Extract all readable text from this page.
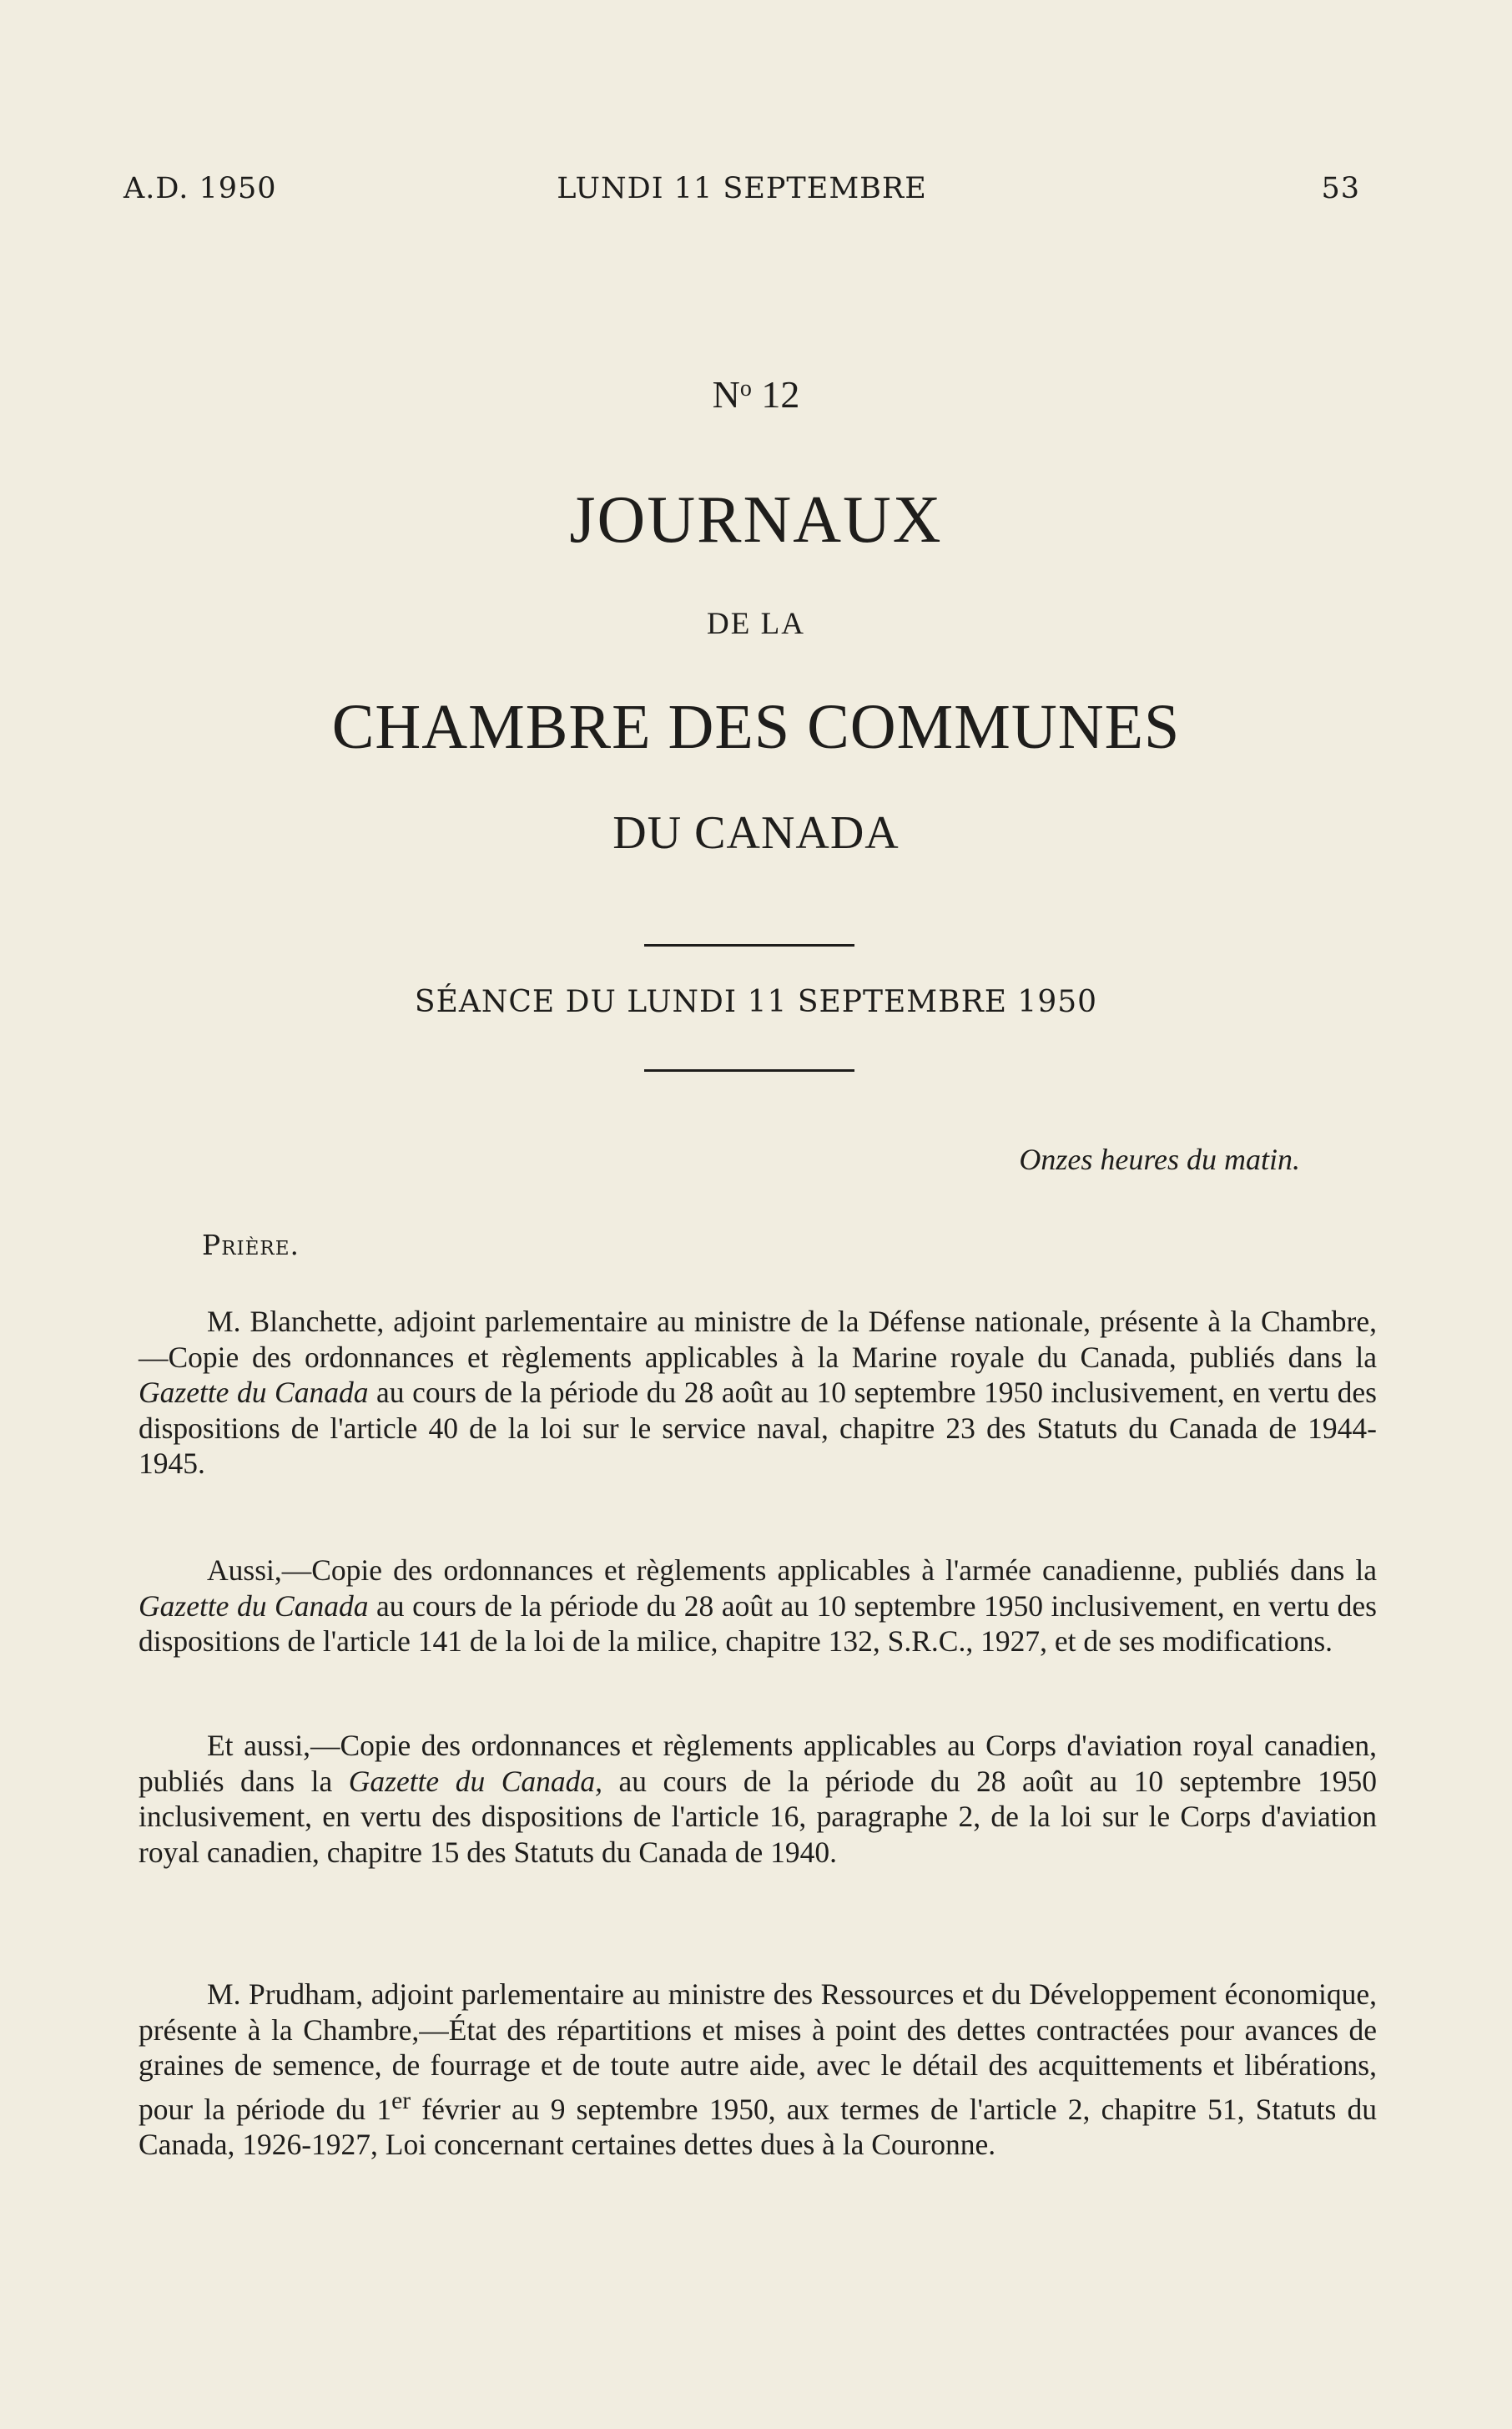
A.D. 1950	LUNDI 11 SEPTEMBRE	53
$N^o$ 12
JOURNAUX
DE LA
CHAMBRE DES COMMUNES
DU CANADA
SÉANCE DU LUNDI 11 SEPTEMBRE 1950
Onzes heures du matin.
Prière.

M. Blanchette, adjoint parlementaire au ministre de la Défense nationale, présente à la Chambre,—Copie des ordonnances et règlements applicables à la Marine royale du Canada, publiés dans la Gazette du Canada au cours de la période du 28 août au 10 septembre 1950 inclusivement, en vertu des dispositions de l'article 40 de la loi sur le service naval, chapitre 23 des Statuts du Canada de 1944-1945.

Aussi,—Copie des ordonnances et règlements applicables à l'armée canadienne, publiés dans la Gazette du Canada au cours de la période du 28 août au 10 septembre 1950 inclusivement, en vertu des dispositions de l'article 141 de la loi de la milice, chapitre 132, S.R.C., 1927, et de ses modifications.

Et aussi,—Copie des ordonnances et règlements applicables au Corps d'aviation royal canadien, publiés dans la Gazette du Canada, au cours de la période du 28 août au 10 septembre 1950 inclusivement, en vertu des dispositions de l'article 16, paragraphe 2, de la loi sur le Corps d'aviation royal canadien, chapitre 15 des Statuts du Canada de 1940.

M. Prudham, adjoint parlementaire au ministre des Ressources et du Développement économique, présente à la Chambre,—État des répartitions et mises à point des dettes contractées pour avances de graines de semence, de fourrage et de toute autre aide, avec le détail des acquittements et libérations, pour la période du 1er février au 9 septembre 1950, aux termes de l'article 2, chapitre 51, Statuts du Canada, 1926-1927, Loi concernant certaines dettes dues à la Couronne.
